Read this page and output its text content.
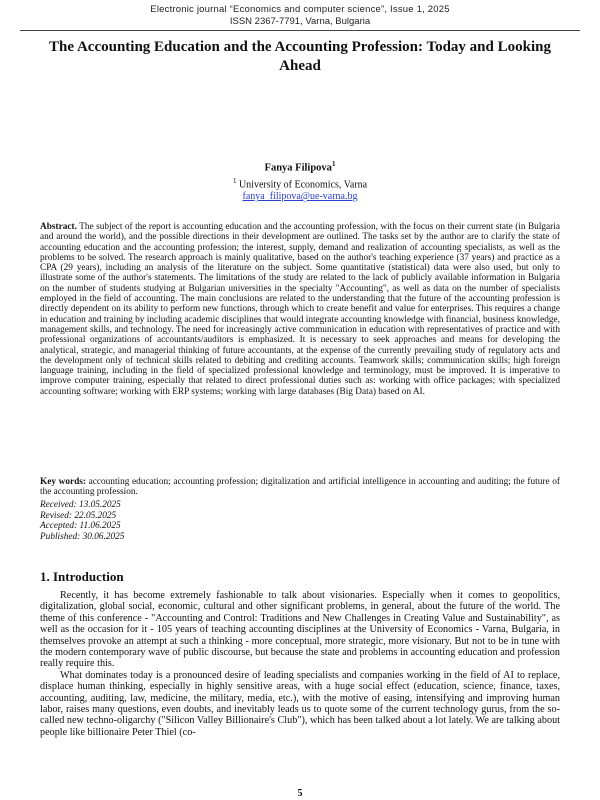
Electronic journal “Economics and computer science”, Issue 1, 2025
ISSN 2367-7791, Varna, Bulgaria
The Accounting Education and the Accounting Profession: Today and Looking Ahead
Fanya Filipova$^1$
$^1$ University of Economics, Varna
fanya_filipova@ue-varna.bg
Abstract. The subject of the report is accounting education and the accounting profession, with the focus on their current state (in Bulgaria and around the world), and the possible directions in their development are outlined. The tasks set by the author are to clarify the state of accounting education and the accounting profession; the interest, supply, demand and realization of accounting specialists, as well as the problems to be solved. The research approach is mainly qualitative, based on the author's teaching experience (37 years) and practice as a CPA (29 years), including an analysis of the literature on the subject. Some quantitative (statistical) data were also used, but only to illustrate some of the author's statements. The limitations of the study are related to the lack of publicly available information in Bulgaria on the number of students studying at Bulgarian universities in the specialty "Accounting", as well as data on the number of specialists employed in the field of accounting. The main conclusions are related to the understanding that the future of the accounting profession is directly dependent on its ability to perform new functions, through which to create benefit and value for enterprises. This requires a change in education and training by including academic disciplines that would integrate accounting knowledge with financial, business knowledge, management skills, and technology. The need for increasingly active communication in education with representatives of practice and with professional organizations of accountants/auditors is emphasized. It is necessary to seek approaches and means for developing the analytical, strategic, and managerial thinking of future accountants, at the expense of the currently prevailing study of regulatory acts and the development only of technical skills related to debiting and crediting accounts. Teamwork skills; communication skills; high foreign language training, including in the field of specialized professional knowledge and terminology, must be improved. It is imperative to improve computer training, especially that related to direct professional duties such as: working with office packages; with specialized accounting software; working with ERP systems; working with large databases (Big Data) based on AI.
Key words: accounting education; accounting profession; digitalization and artificial intelligence in accounting and auditing; the future of the accounting profession.
Received: 13.05.2025
Revised: 22.05.2025
Accepted: 11.06.2025
Published: 30.06.2025
1. Introduction

Recently, it has become extremely fashionable to talk about visionaries. Especially when it comes to geopolitics, digitalization, global social, economic, cultural and other significant problems, in general, about the future of the world. The theme of this conference - "Accounting and Control: Traditions and New Challenges in Creating Value and Sustainability", as well as the occasion for it - 105 years of teaching accounting disciplines at the University of Economics - Varna, Bulgaria, in themselves provoke an attempt at such a thinking - more conceptual, more strategic, more visionary. But not to be in tune with the modern contemporary wave of public discourse, but because the state and problems in accounting education and profession really require this.

What dominates today is a pronounced desire of leading specialists and companies working in the field of AI to replace, displace human thinking, especially in highly sensitive areas, with a huge social effect (education, science, finance, taxes, accounting, auditing, law, medicine, the military, media, etc.), with the motive of easing, intensifying and improving human labor, raises many questions, even doubts, and inevitably leads us to quote some of the current technology gurus, from the so-called new techno-oligarchy ("Silicon Valley Billionaire's Club"), which has been talked about a lot lately. We are talking about people like billionaire Peter Thiel (co-

5
